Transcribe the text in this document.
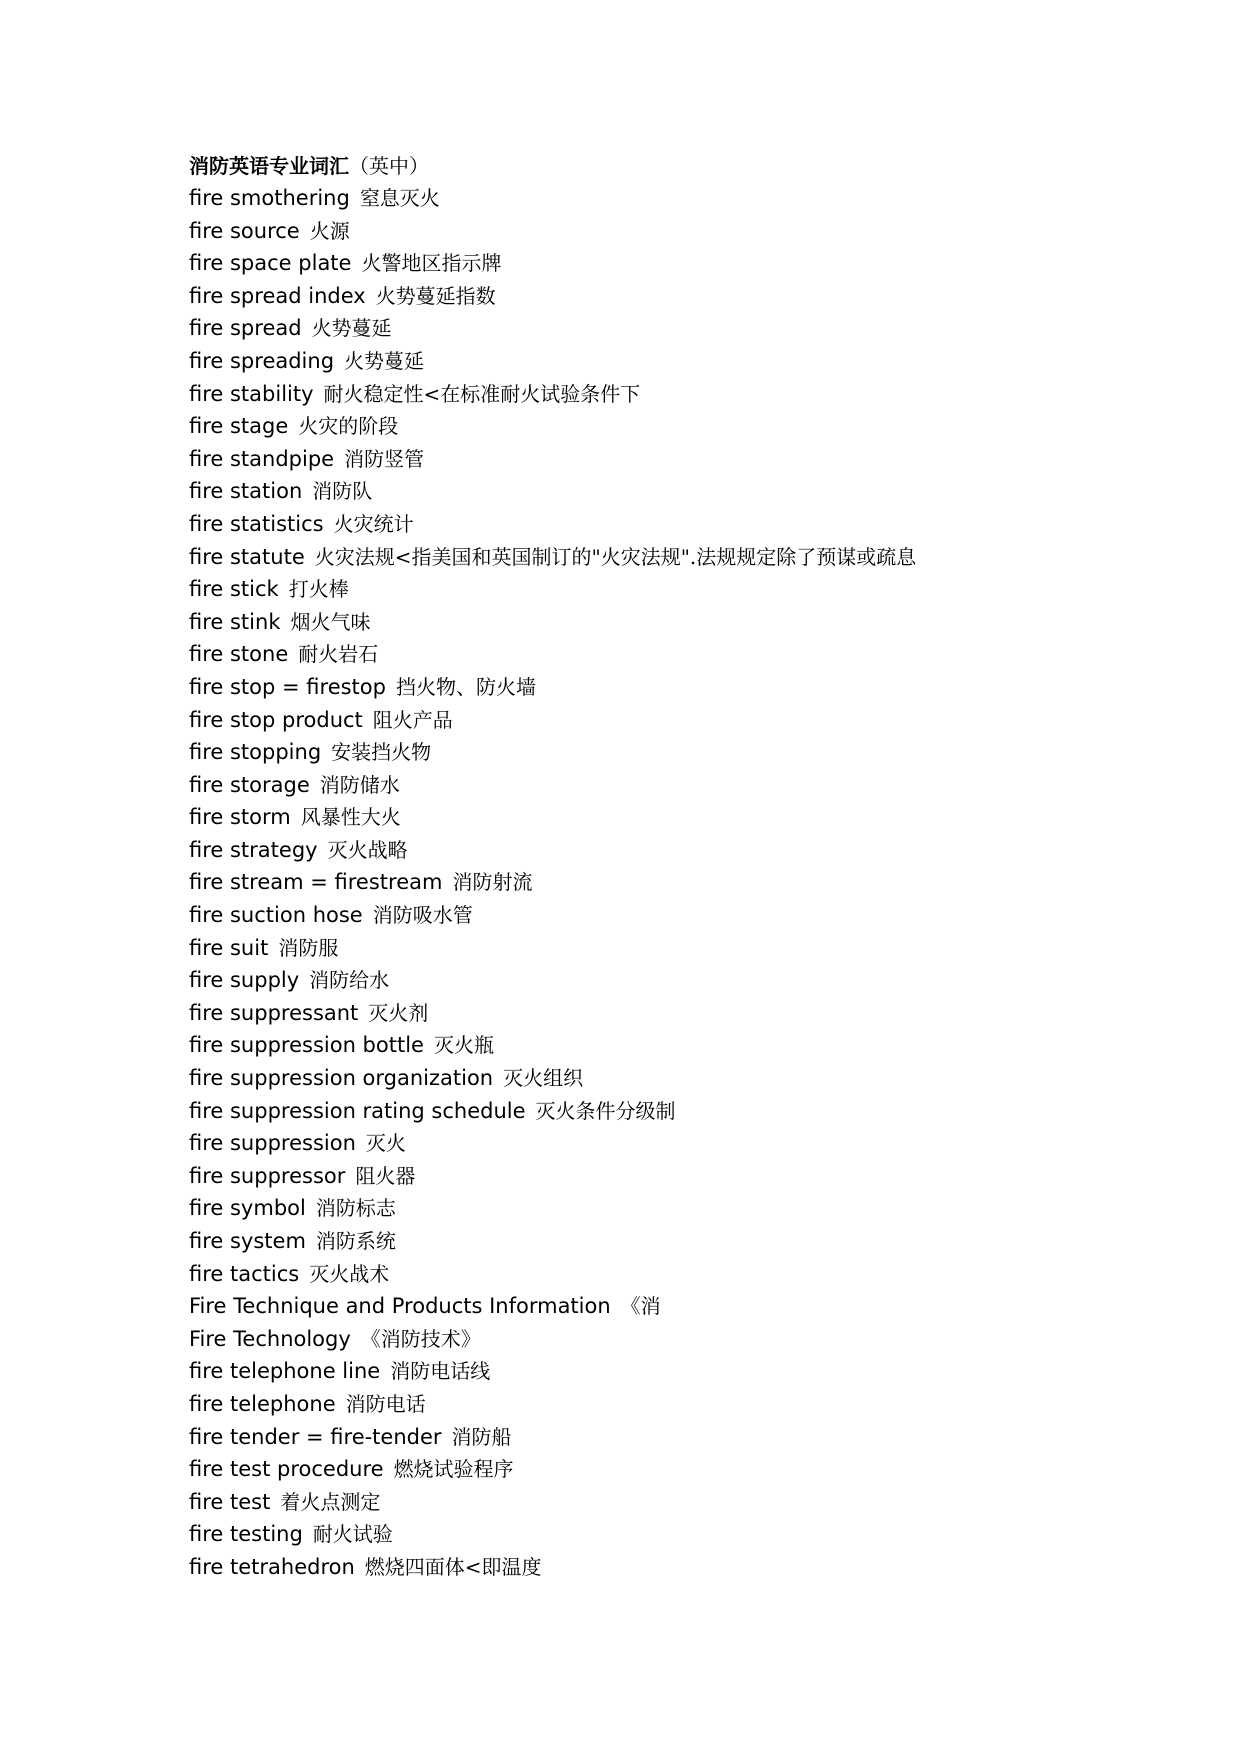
消防英语专业词汇（英中）
fire smothering 窒息灭火
fire source 火源
fire space plate 火警地区指示牌
fire spread index 火势蔓延指数
fire spread 火势蔓延
fire spreading 火势蔓延
fire stability 耐火稳定性<在标准耐火试验条件下
fire stage 火灾的阶段
fire standpipe 消防竖管
fire station 消防队
fire statistics 火灾统计
fire statute 火灾法规<指美国和英国制订的"火灾法规".法规规定除了预谋或疏息
fire stick 打火棒
fire stink 烟火气味
fire stone 耐火岩石
fire stop = firestop 挡火物、防火墙
fire stop product 阻火产品
fire stopping 安装挡火物
fire storage 消防储水
fire storm 风暴性大火
fire strategy 灭火战略
fire stream = firestream 消防射流
fire suction hose 消防吸水管
fire suit 消防服
fire supply 消防给水
fire suppressant 灭火剂
fire suppression bottle 灭火瓶
fire suppression organization 灭火组织
fire suppression rating schedule 灭火条件分级制
fire suppression 灭火
fire suppressor 阻火器
fire symbol 消防标志
fire system 消防系统
fire tactics 灭火战术
Fire Technique and Products Information 《消
Fire Technology 《消防技术》
fire telephone line 消防电话线
fire telephone 消防电话
fire tender = fire-tender 消防船
fire test procedure 燃烧试验程序
fire test 着火点测定
fire testing 耐火试验
fire tetrahedron 燃烧四面体<即温度
